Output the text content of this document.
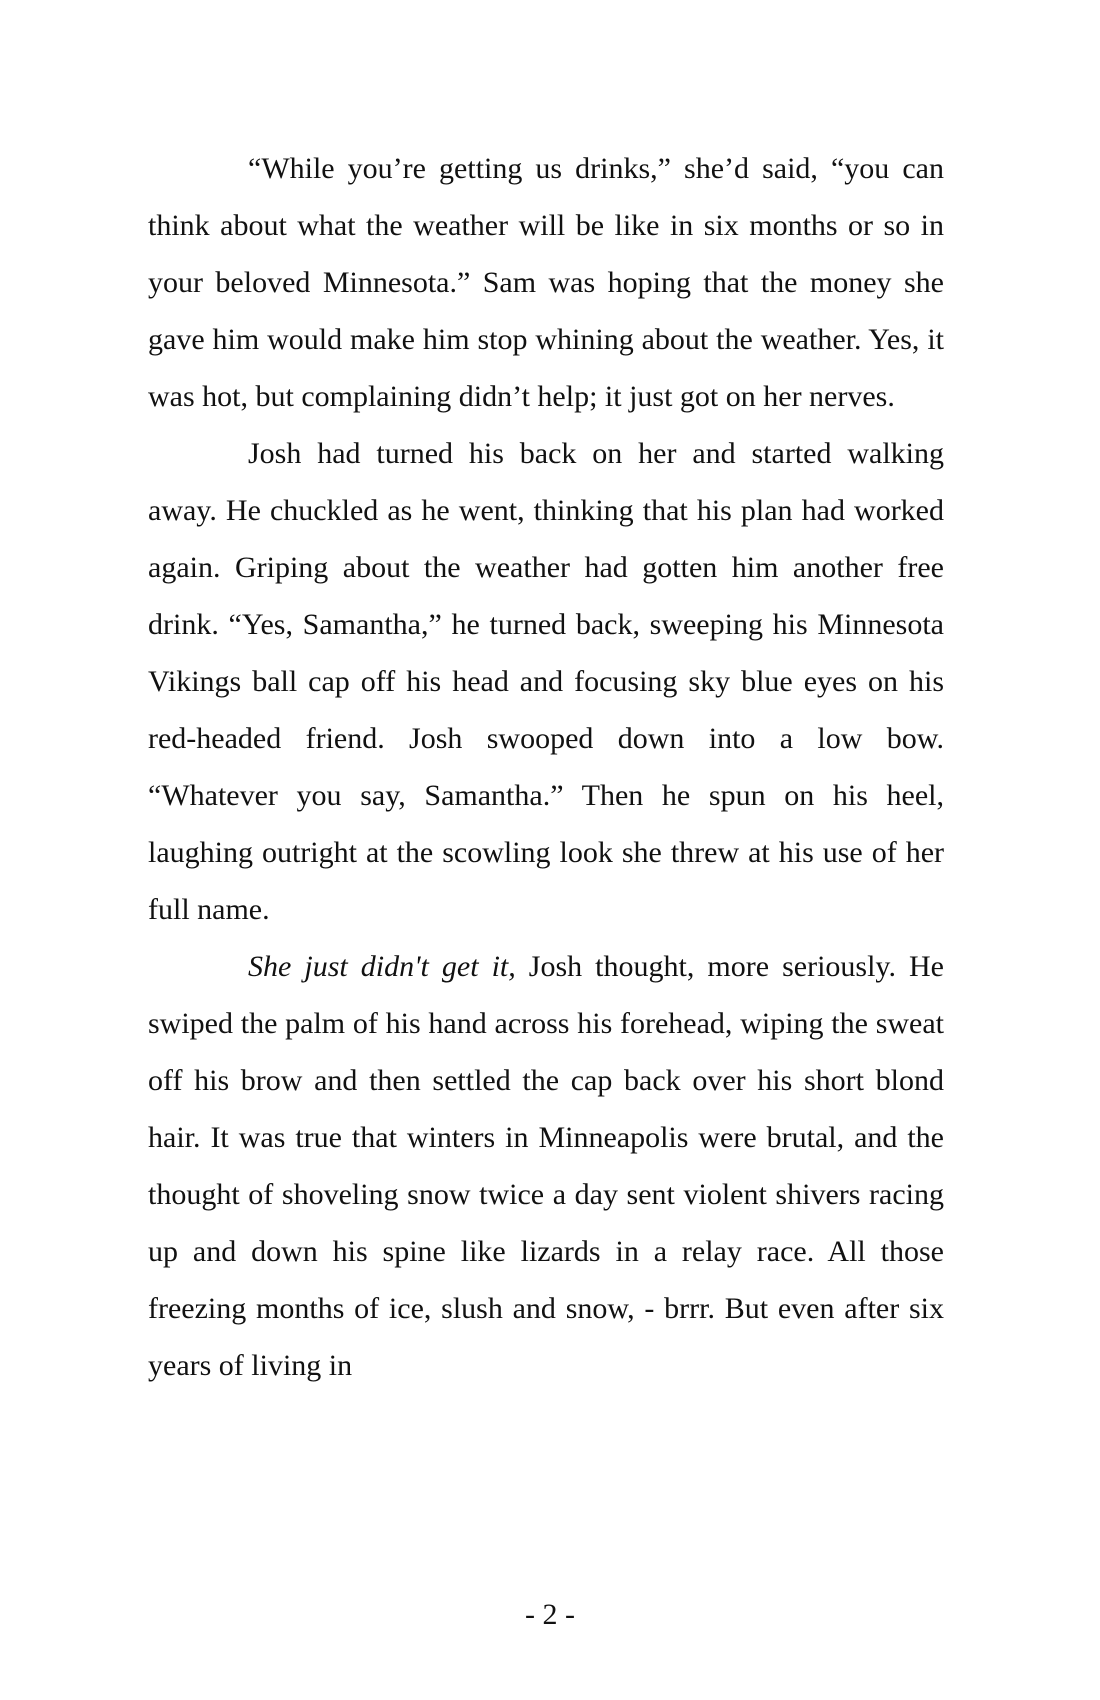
“While you’re getting us drinks,” she’d said, “you can think about what the weather will be like in six months or so in your beloved Minnesota.” Sam was hoping that the money she gave him would make him stop whining about the weather. Yes, it was hot, but complaining didn’t help; it just got on her nerves.

Josh had turned his back on her and started walking away. He chuckled as he went, thinking that his plan had worked again. Griping about the weather had gotten him another free drink. “Yes, Samantha,” he turned back, sweeping his Minnesota Vikings ball cap off his head and focusing sky blue eyes on his red-headed friend. Josh swooped down into a low bow. “Whatever you say, Samantha.” Then he spun on his heel, laughing outright at the scowling look she threw at his use of her full name.

She just didn't get it, Josh thought, more seriously. He swiped the palm of his hand across his forehead, wiping the sweat off his brow and then settled the cap back over his short blond hair. It was true that winters in Minneapolis were brutal, and the thought of shoveling snow twice a day sent violent shivers racing up and down his spine like lizards in a relay race. All those freezing months of ice, slush and snow, - brrr. But even after six years of living in

- 2 -
